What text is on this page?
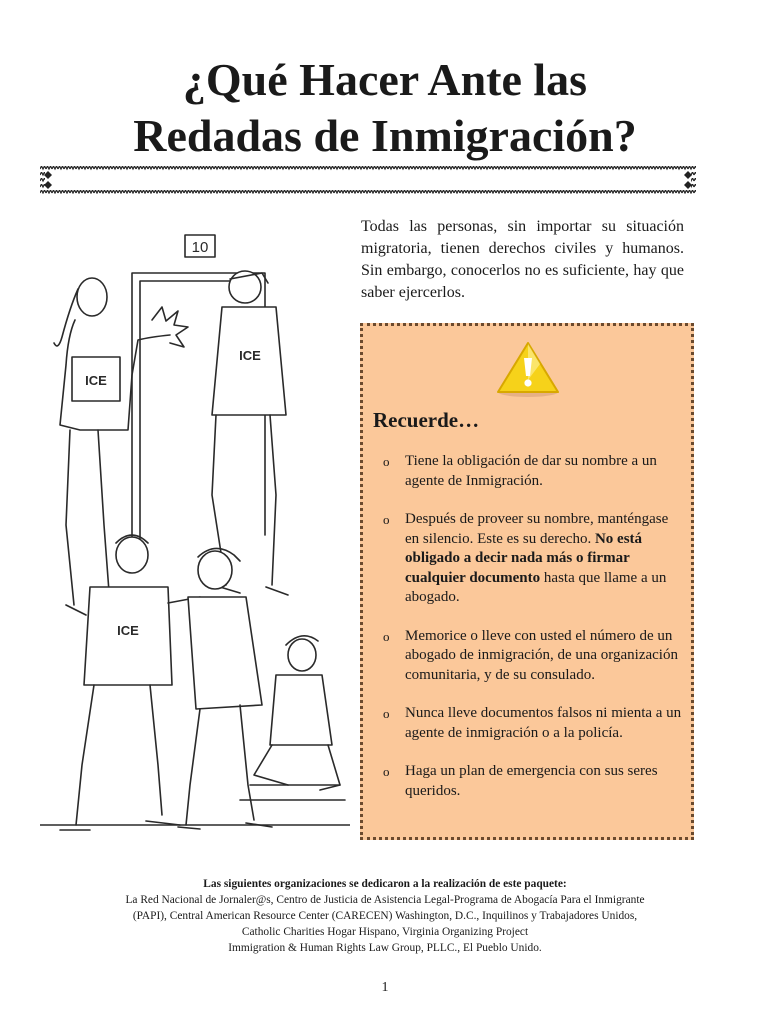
¿Qué Hacer Ante las
Redadas de Inmigración?
10
ICE
ICE
ICE

Todas las personas, sin importar su situación migratoria, tienen derechos civiles y humanos. Sin embargo, conocerlos no es suficiente, hay que saber ejercerlos.

Recuerde…
o Tiene la obligación de dar su nombre a un agente de Inmigración.
o Después de proveer su nombre, manténgase en silencio. Este es su derecho. No está obligado a decir nada más o firmar cualquier documento hasta que llame a un abogado.
o Memorice o lleve con usted el número de un abogado de inmigración, de una organización comunitaria, y de su consulado.
o Nunca lleve documentos falsos ni mienta a un agente de inmigración o a la policía.
o Haga un plan de emergencia con sus seres queridos.
Las siguientes organizaciones se dedicaron a la realización de este paquete:
La Red Nacional de Jornaler@s, Centro de Justicia de Asistencia Legal-Programa de Abogacía Para el Inmigrante
(PAPI), Central American Resource Center (CARECEN) Washington, D.C., Inquilinos y Trabajadores Unidos,
Catholic Charities Hogar Hispano, Virginia Organizing Project
Immigration & Human Rights Law Group, PLLC., El Pueblo Unido.
1
